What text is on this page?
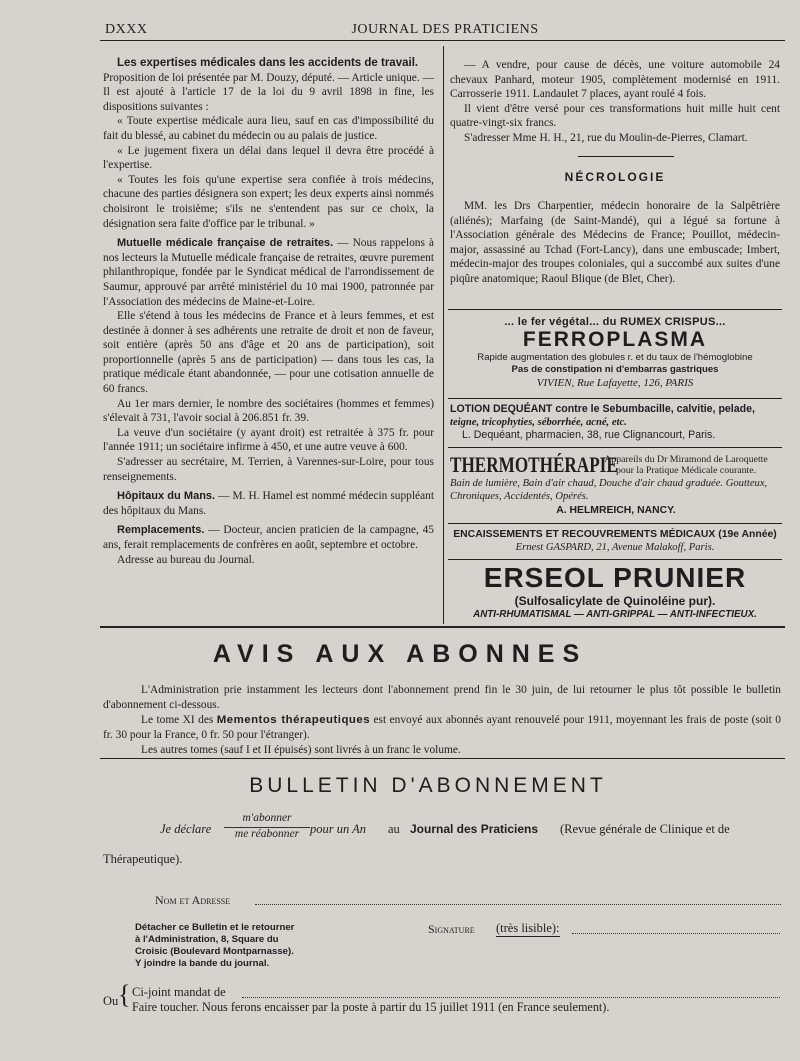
DXXX	JOURNAL DES PRATICIENS

Les expertises médicales dans les accidents de travail.

Proposition de loi présentée par M. Douzy, député. — Article unique. — Il est ajouté à l'article 17 de la loi du 9 avril 1898 in fine, les dispositions suivantes :

« Toute expertise médicale aura lieu, sauf en cas d'impossibilité du fait du blessé, au cabinet du médecin ou au palais de justice.

« Le jugement fixera un délai dans lequel il devra être procédé à l'expertise.

« Toutes les fois qu'une expertise sera confiée à trois médecins, chacune des parties désignera son expert; les deux experts ainsi nommés choisiront le troisième; s'ils ne s'entendent pas sur ce choix, la désignation sera faite d'office par le tribunal. »

Mutuelle médicale française de retraites. — Nous rappelons à nos lecteurs la Mutuelle médicale française de retraites, œuvre purement philanthropique, fondée par le Syndicat médical de l'arrondissement de Saumur, approuvé par arrêté ministériel du 10 mai 1900, patronnée par l'Association des médecins de Maine-et-Loire.

Elle s'étend à tous les médecins de France et à leurs femmes, et est destinée à donner à ses adhérents une retraite de droit et non de faveur, soit entière (après 50 ans d'âge et 20 ans de participation), soit proportionnelle (après 5 ans de participation) — dans tous les cas, la pratique médicale étant abandonnée, — pour une cotisation annuelle de 60 francs.

Au 1er mars dernier, le nombre des sociétaires (hommes et femmes) s'élevait à 731, l'avoir social à 206.851 fr. 39.

La veuve d'un sociétaire (y ayant droit) est retraitée à 375 fr. pour l'année 1911; un sociétaire infirme à 450, et une autre veuve à 600.

S'adresser au secrétaire, M. Terrien, à Varennes-sur-Loire, pour tous renseignements.

Hôpitaux du Mans. — M. H. Hamel est nommé médecin suppléant des hôpitaux du Mans.

Remplacements. — Docteur, ancien praticien de la campagne, 45 ans, ferait remplacements de confrères en août, septembre et octobre.

Adresse au bureau du Journal.

— A vendre, pour cause de décès, une voiture automobile 24 chevaux Panhard, moteur 1905, complètement modernisé en 1911. Carrosserie 1911. Landaulet 7 places, ayant roulé 4 fois.

Il vient d'être versé pour ces transformations huit mille huit cent quatre-vingt-six francs.

S'adresser Mme H. H., 21, rue du Moulin-de-Pierres, Clamart.

NÉCROLOGIE

MM. les Drs Charpentier, médecin honoraire de la Salpêtrière (aliénés); Marfaing (de Saint-Mandé), qui a légué sa fortune à l'Association générale des Médecins de France; Pouillot, médecin-major, assassiné au Tchad (Fort-Lancy), dans une embuscade; Imbert, médecin-major des troupes coloniales, qui a succombé aux suites d'une piqûre anatomique; Raoul Blique (de Blet, Cher).

... le fer végétal... du RUMEX CRISPUS...
FERROPLASMA
Rapide augmentation des globules r. et du taux de l'hémoglobine
Pas de constipation ni d'embarras gastriques
VIVIEN, Rue Lafayette, 126, PARIS
LOTION DEQUÉANT contre le Sebumbacille, calvitie, pelade,
teigne, tricophyties, séborrhée, acné, etc.
L. Dequéant, pharmacien, 38, rue Clignancourt, Paris.
THERMOTHÉRAPIE
Appareils du Dr Miramond de Laroquette
pour la Pratique Médicale courante.
Bain de lumière, Bain d'air chaud, Douche d'air chaud graduée. Goutteux, Chroniques, Accidentés, Opérés.
A. HELMREICH, NANCY.
ENCAISSEMENTS ET RECOUVREMENTS MÉDICAUX (19e Année)
Ernest GASPARD, 21, Avenue Malakoff, Paris.
ERSEOL PRUNIER
(Sulfosalicylate de Quinoléine pur).
ANTI-RHUMATISMAL — ANTI-GRIPPAL — ANTI-INFECTIEUX.
AVIS AUX ABONNES

L'Administration prie instamment les lecteurs dont l'abonnement prend fin le 30 juin, de lui retourner le plus tôt possible le bulletin d'abonnement ci-dessous.

Le tome XI des Mementos thérapeutiques est envoyé aux abonnés ayant renouvelé pour 1911, moyennant les frais de poste (soit 0 fr. 30 pour la France, 0 fr. 50 pour l'étranger).

Les autres tomes (sauf I et II épuisés) sont livrés à un franc le volume.

BULLETIN D'ABONNEMENT
Je déclare
m'abonner
me réabonner pour un An au Journal des Praticiens (Revue générale de Clinique et de
Thérapeutique).
Nom et Adresse
Détacher ce Bulletin et le retourner
à l'Administration, 8, Square du
Croisic (Boulevard Montparnasse).
Y joindre la bande du journal.
Signature (très lisible):
Ou { Ci-joint mandat de
Faire toucher. Nous ferons encaisser par la poste à partir du 15 juillet 1911 (en France seulement).
